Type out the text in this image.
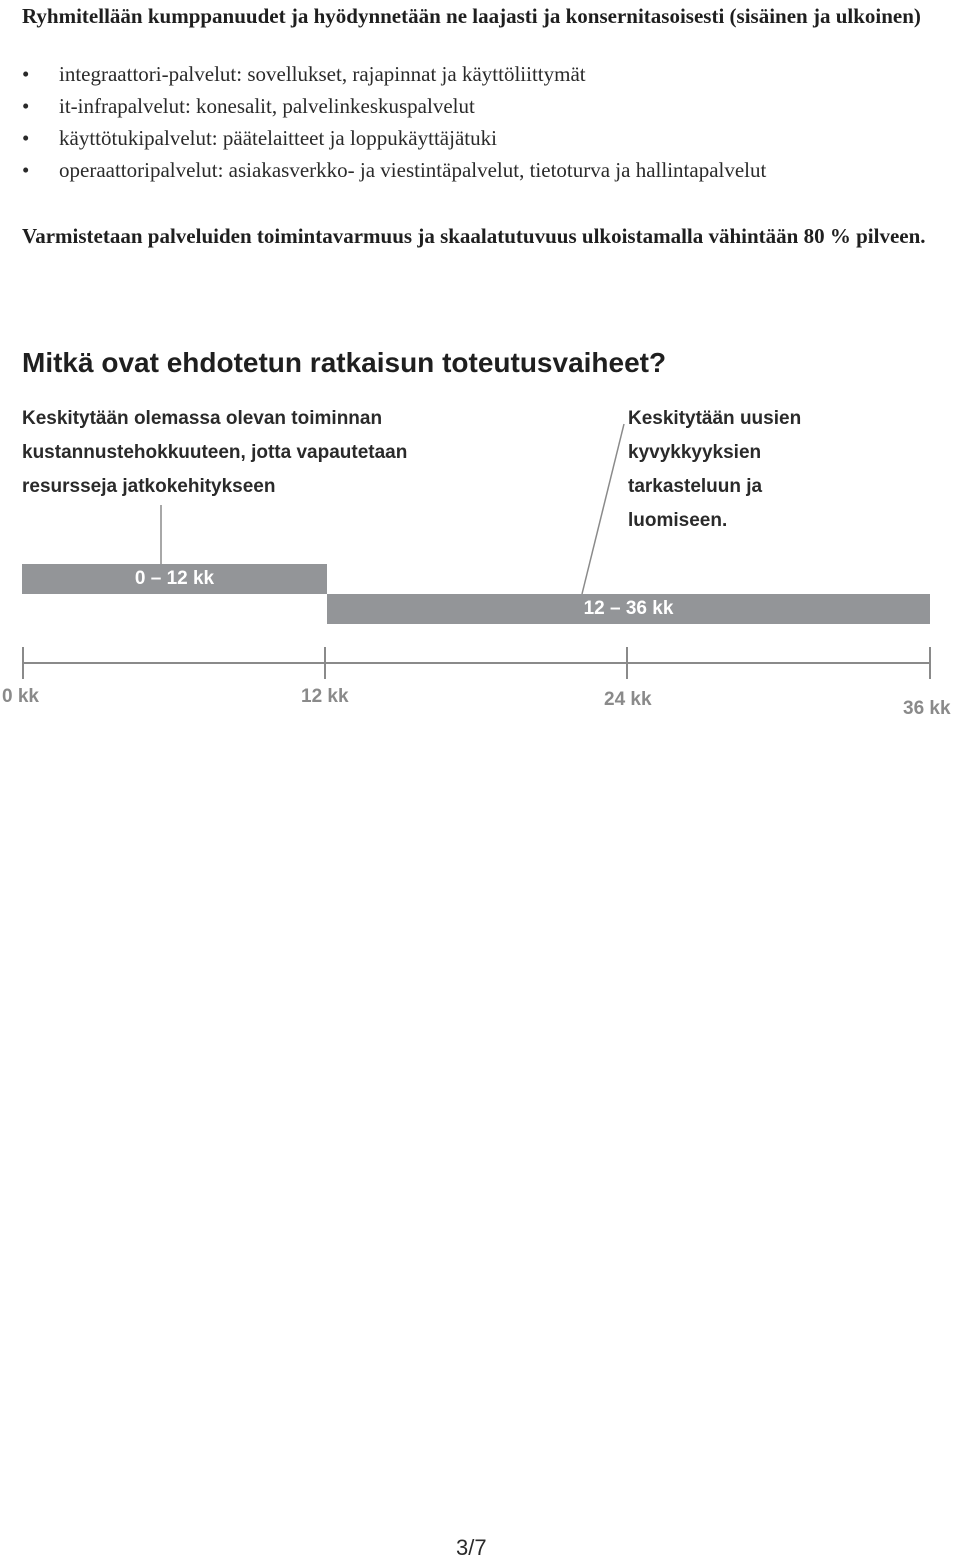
Ryhmitellään kumppanuudet ja hyödynnetään ne laajasti ja konsernitasoisesti (sisäinen ja ulkoinen)
• integraattori-palvelut: sovellukset, rajapinnat ja käyttöliittymät
• it-infrapalvelut: konesalit, palvelinkeskuspalvelut
• käyttötukipalvelut: päätelaitteet ja loppukäyttäjätuki
• operaattoripalvelut: asiakasverkko- ja viestintäpalvelut, tietoturva ja hallintapalvelut
Varmistetaan palveluiden toimintavarmuus ja skaalatutuvuus ulkoistamalla vähintään 80 % pilveen.
Mitkä ovat ehdotetun ratkaisun toteutusvaiheet?
Keskitytään olemassa olevan toiminnan
kustannustehokkuuteen, jotta vapautetaan
resursseja jatkokehitykseen
Keskitytään uusien
kyvykkyyksien
tarkasteluun ja
luomiseen.
0 – 12 kk
12 – 36 kk
0 kk	12 kk	24 kk	36 kk
3/7
